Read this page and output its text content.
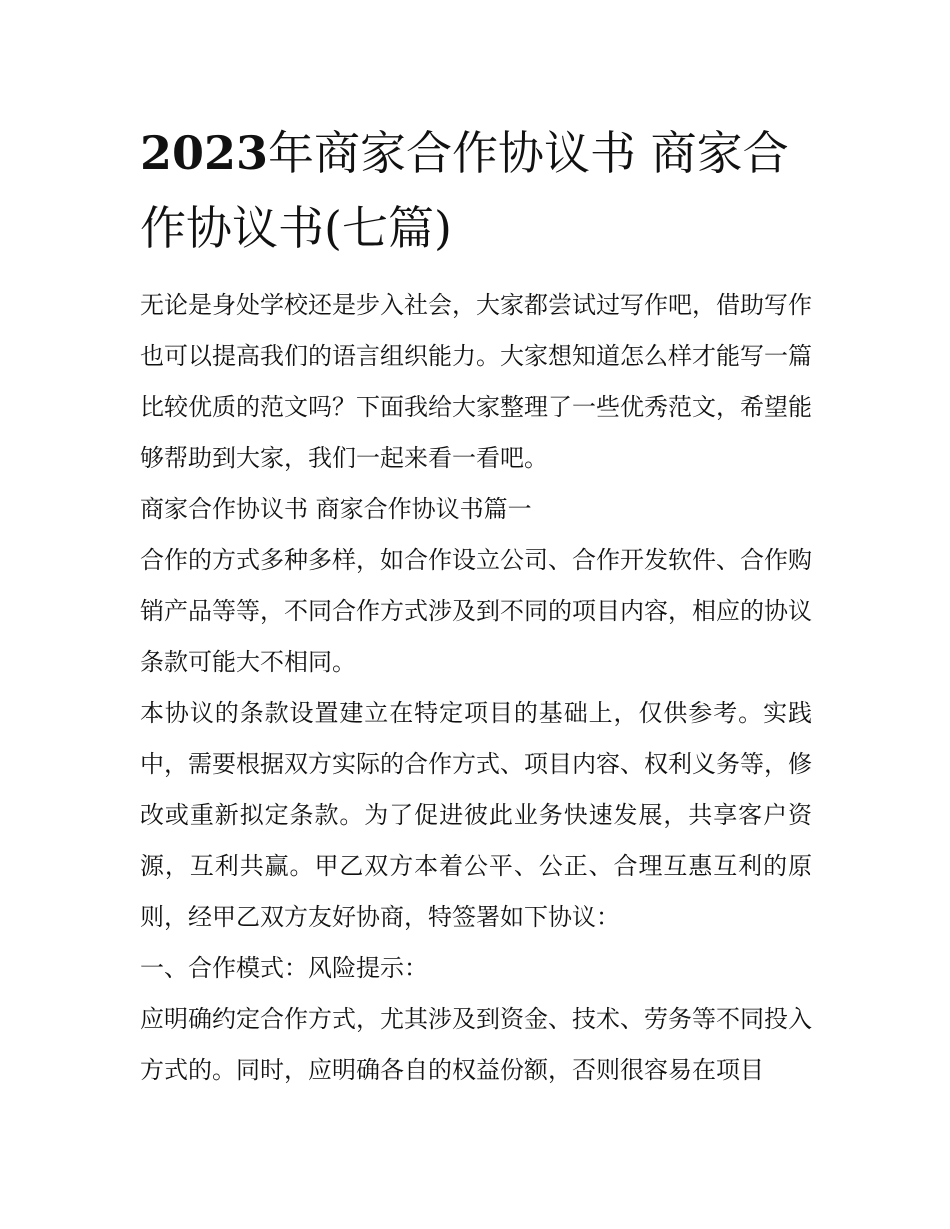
2023年商家合作协议书 商家合作协议书(七篇)

无论是身处学校还是步入社会，大家都尝试过写作吧，借助写作也可以提高我们的语言组织能力。大家想知道怎么样才能写一篇比较优质的范文吗？下面我给大家整理了一些优秀范文，希望能够帮助到大家，我们一起来看一看吧。

商家合作协议书 商家合作协议书篇一

合作的方式多种多样，如合作设立公司、合作开发软件、合作购销产品等等，不同合作方式涉及到不同的项目内容，相应的协议条款可能大不相同。

本协议的条款设置建立在特定项目的基础上，仅供参考。实践中，需要根据双方实际的合作方式、项目内容、权利义务等，修改或重新拟定条款。为了促进彼此业务快速发展，共享客户资源，互利共赢。甲乙双方本着公平、公正、合理互惠互利的原则，经甲乙双方友好协商，特签署如下协议：

一、合作模式：风险提示：

应明确约定合作方式，尤其涉及到资金、技术、劳务等不同投入方式的。同时，应明确各自的权益份额，否则很容易在项目
